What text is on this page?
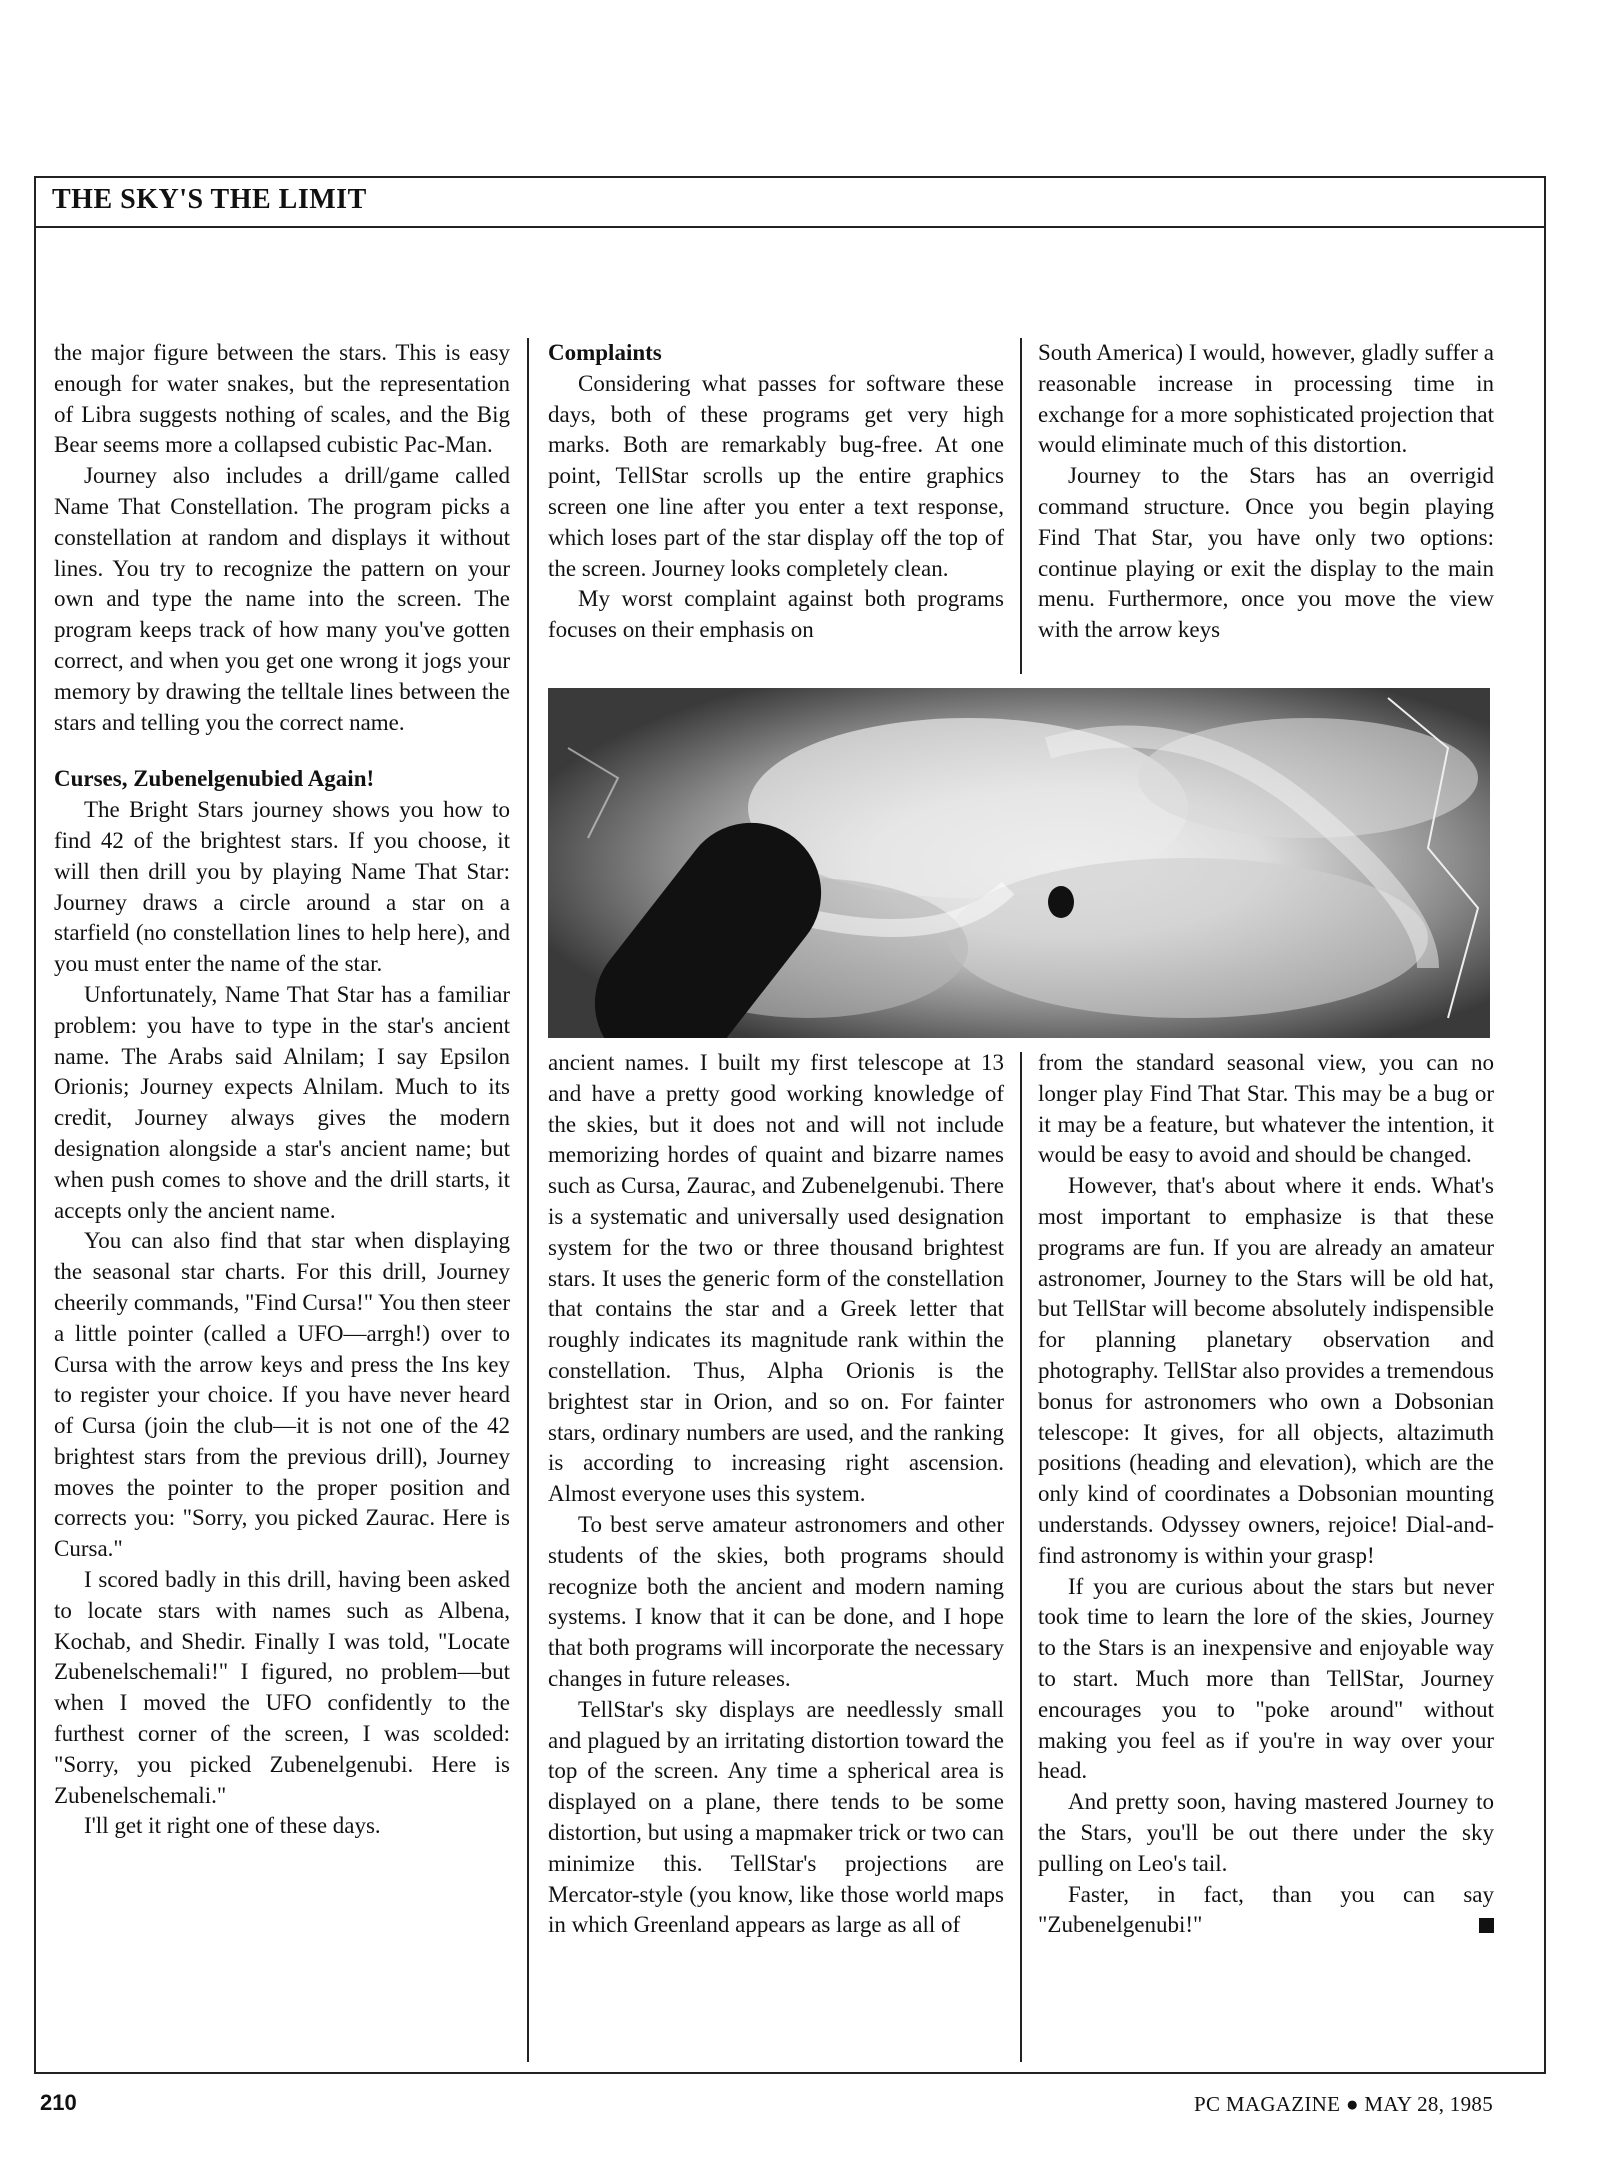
THE SKY'S THE LIMIT

the major figure between the stars. This is easy enough for water snakes, but the representation of Libra suggests nothing of scales, and the Big Bear seems more a collapsed cubistic Pac-Man.

Journey also includes a drill/game called Name That Constellation. The program picks a constellation at random and displays it without lines. You try to recognize the pattern on your own and type the name into the screen. The program keeps track of how many you've gotten correct, and when you get one wrong it jogs your memory by drawing the telltale lines between the stars and telling you the correct name.

Curses, Zubenelgenubied Again!

The Bright Stars journey shows you how to find 42 of the brightest stars. If you choose, it will then drill you by playing Name That Star: Journey draws a circle around a star on a starfield (no constellation lines to help here), and you must enter the name of the star.

Unfortunately, Name That Star has a familiar problem: you have to type in the star's ancient name. The Arabs said Alnilam; I say Epsilon Orionis; Journey expects Alnilam. Much to its credit, Journey always gives the modern designation alongside a star's ancient name; but when push comes to shove and the drill starts, it accepts only the ancient name.

You can also find that star when displaying the seasonal star charts. For this drill, Journey cheerily commands, "Find Cursa!" You then steer a little pointer (called a UFO—arrgh!) over to Cursa with the arrow keys and press the Ins key to register your choice. If you have never heard of Cursa (join the club—it is not one of the 42 brightest stars from the previous drill), Journey moves the pointer to the proper position and corrects you: "Sorry, you picked Zaurac. Here is Cursa."

I scored badly in this drill, having been asked to locate stars with names such as Albena, Kochab, and Shedir. Finally I was told, "Locate Zubenelschemali!" I figured, no problem—but when I moved the UFO confidently to the furthest corner of the screen, I was scolded: "Sorry, you picked Zubenelgenubi. Here is Zubenelschemali."

I'll get it right one of these days.

Complaints

Considering what passes for software these days, both of these programs get very high marks. Both are remarkably bug-free. At one point, TellStar scrolls up the entire graphics screen one line after you enter a text response, which loses part of the star display off the top of the screen. Journey looks completely clean.

My worst complaint against both programs focuses on their emphasis on

South America) I would, however, gladly suffer a reasonable increase in processing time in exchange for a more sophisticated projection that would eliminate much of this distortion.

Journey to the Stars has an overrigid command structure. Once you begin playing Find That Star, you have only two options: continue playing or exit the display to the main menu. Furthermore, once you move the view with the arrow keys

ancient names. I built my first telescope at 13 and have a pretty good working knowledge of the skies, but it does not and will not include memorizing hordes of quaint and bizarre names such as Cursa, Zaurac, and Zubenelgenubi. There is a systematic and universally used designation system for the two or three thousand brightest stars. It uses the generic form of the constellation that contains the star and a Greek letter that roughly indicates its magnitude rank within the constellation. Thus, Alpha Orionis is the brightest star in Orion, and so on. For fainter stars, ordinary numbers are used, and the ranking is according to increasing right ascension. Almost everyone uses this system.

To best serve amateur astronomers and other students of the skies, both programs should recognize both the ancient and modern naming systems. I know that it can be done, and I hope that both programs will incorporate the necessary changes in future releases.

TellStar's sky displays are needlessly small and plagued by an irritating distortion toward the top of the screen. Any time a spherical area is displayed on a plane, there tends to be some distortion, but using a mapmaker trick or two can minimize this. TellStar's projections are Mercator-style (you know, like those world maps in which Greenland appears as large as all of

from the standard seasonal view, you can no longer play Find That Star. This may be a bug or it may be a feature, but whatever the intention, it would be easy to avoid and should be changed.

However, that's about where it ends. What's most important to emphasize is that these programs are fun. If you are already an amateur astronomer, Journey to the Stars will be old hat, but TellStar will become absolutely indispensible for planning planetary observation and photography. TellStar also provides a tremendous bonus for astronomers who own a Dobsonian telescope: It gives, for all objects, altazimuth positions (heading and elevation), which are the only kind of coordinates a Dobsonian mounting understands. Odyssey owners, rejoice! Dial-and-find astronomy is within your grasp!

If you are curious about the stars but never took time to learn the lore of the skies, Journey to the Stars is an inexpensive and enjoyable way to start. Much more than TellStar, Journey encourages you to "poke around" without making you feel as if you're in way over your head.

And pretty soon, having mastered Journey to the Stars, you'll be out there under the sky pulling on Leo's tail.

Faster, in fact, than you can say "Zubenelgenubi!"

210	PC MAGAZINE ● MAY 28, 1985
